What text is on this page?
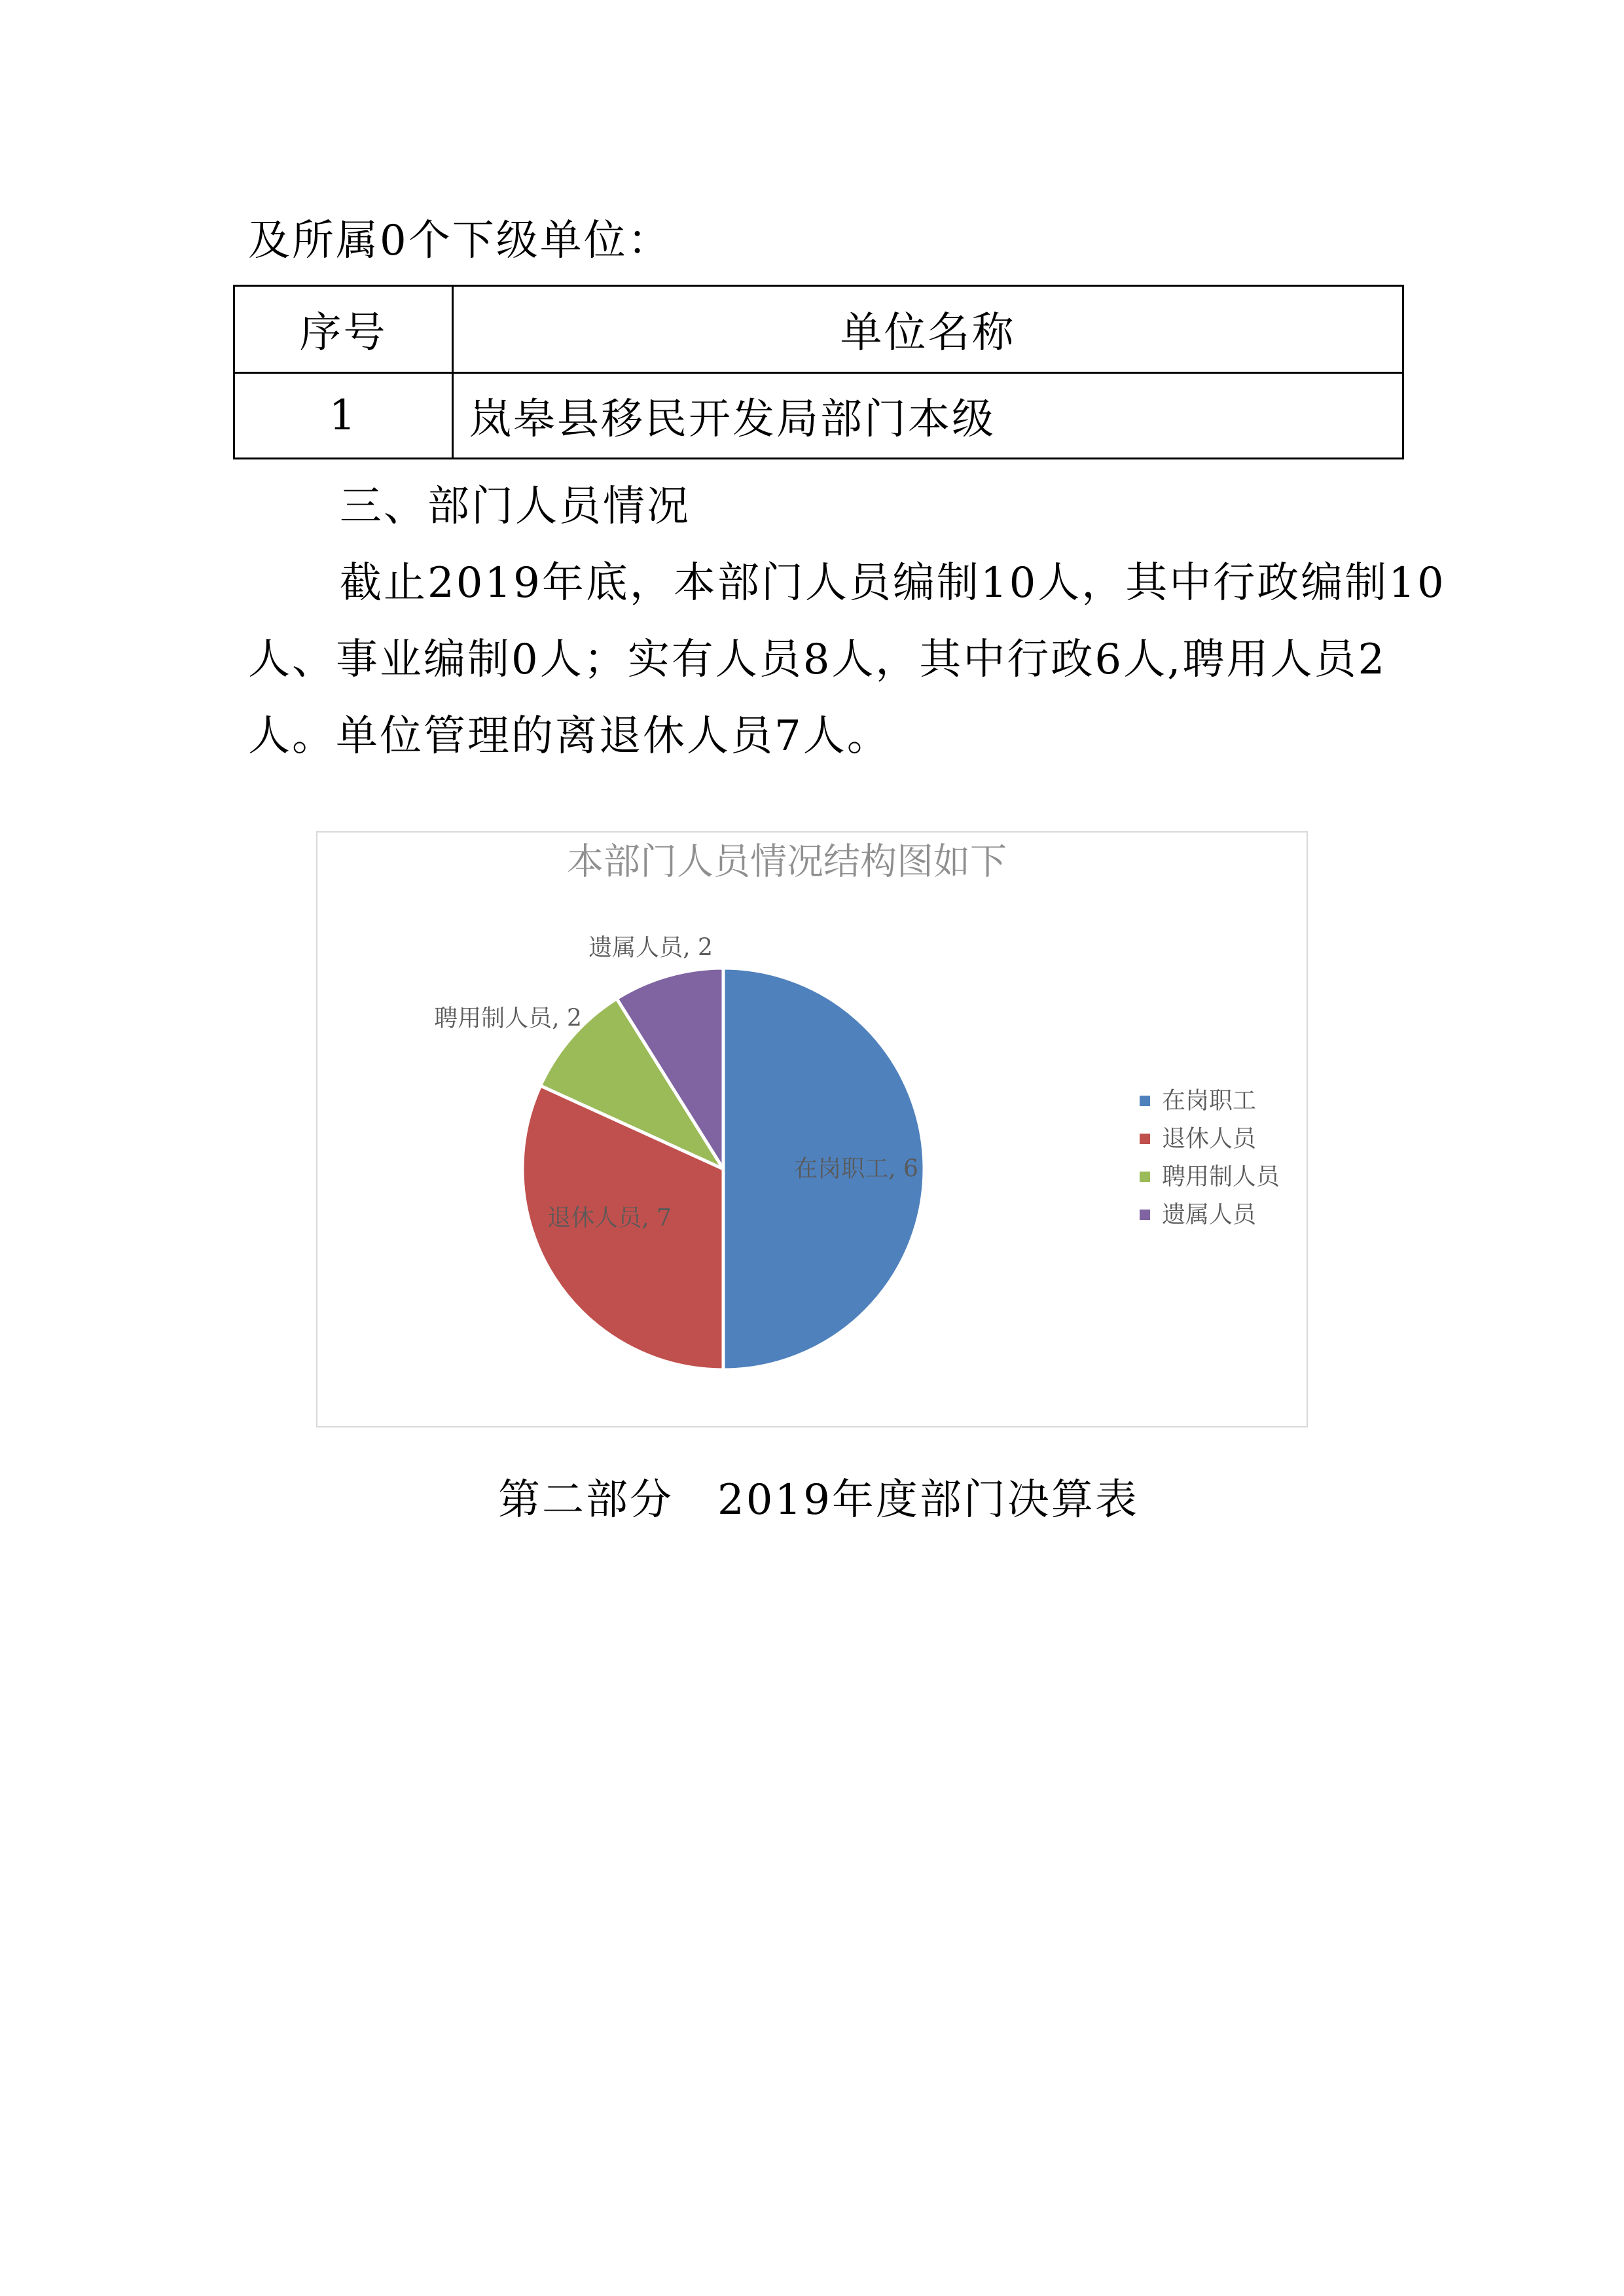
及所属0个下级单位：
序号	单位名称
1	岚皋县移民开发局部门本级
三、部门人员情况
截止2019年底，本部门人员编制10人，其中行政编制10
人、事业编制0人；实有人员8人，其中行政6人,聘用人员2
人。单位管理的离退休人员7人。
本部门人员情况结构图如下
在岗职工, 6
退休人员, 7
聘用制人员, 2
遗属人员, 2
在岗职工
退休人员
聘用制人员
遗属人员
第二部分　2019年度部门决算表
